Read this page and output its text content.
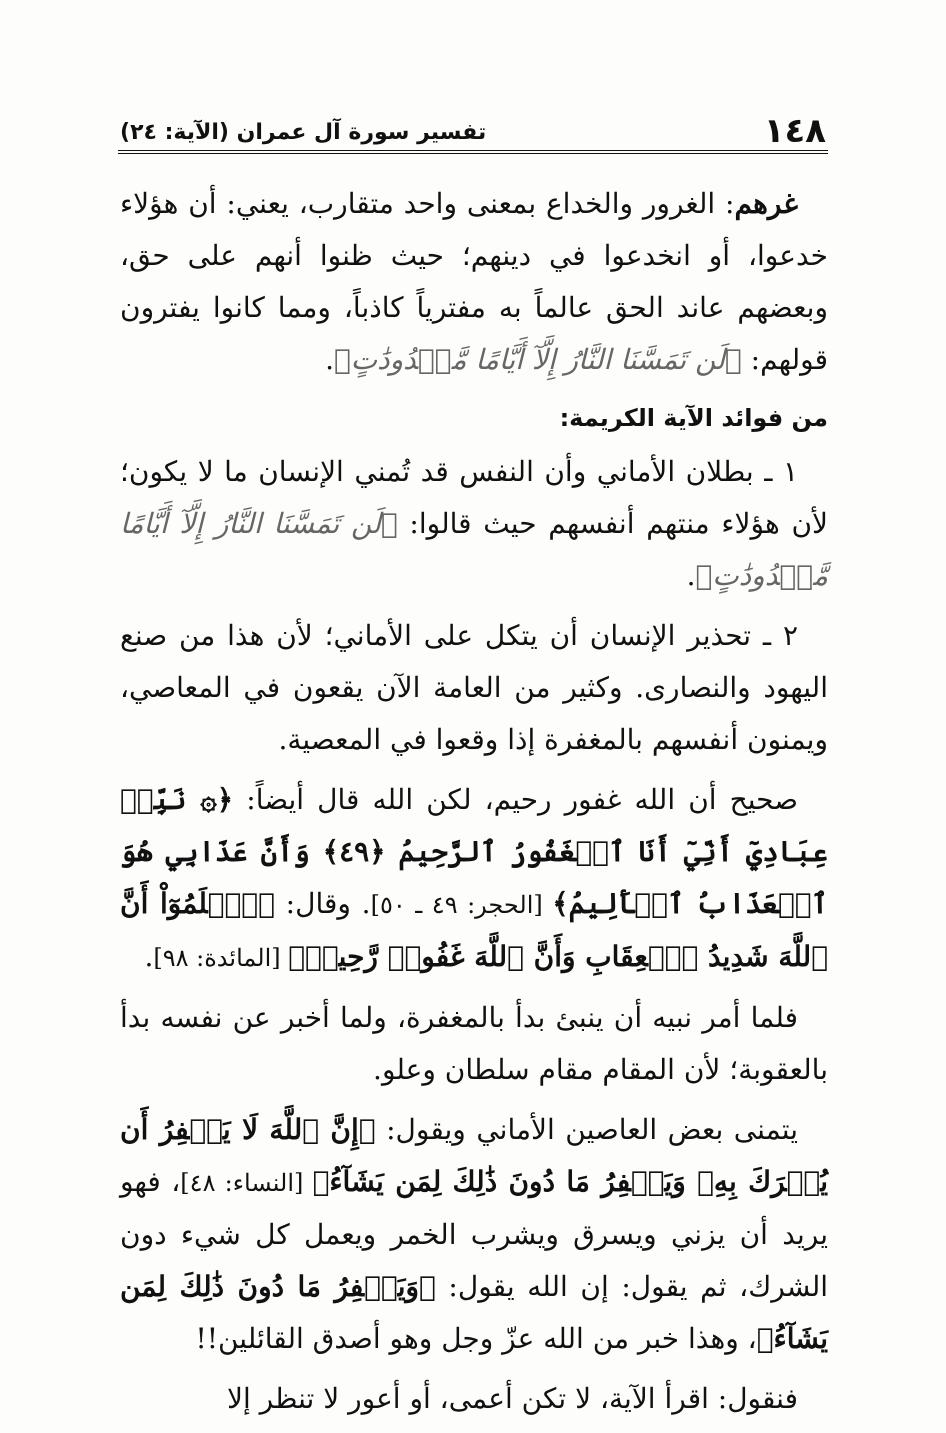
١٤٨
تفسير سورة آل عمران (الآية: ٢٤)

غرهم: الغرور والخداع بمعنى واحد متقارب، يعني: أن هؤلاء خدعوا، أو انخدعوا في دينهم؛ حيث ظنوا أنهم على حق، وبعضهم عاند الحق عالماً به مفترياً كاذباً، ومما كانوا يفترون قولهم: ﴿لَن تَمَسَّنَا النَّارُ إِلَّآ أَيَّامًا مَّعۡدُودَٰتٍ﴾.

من فوائد الآية الكريمة:

١ ـ بطلان الأماني وأن النفس قد تُمني الإنسان ما لا يكون؛ لأن هؤلاء منتهم أنفسهم حيث قالوا: ﴿لَن تَمَسَّنَا النَّارُ إِلَّآ أَيَّامًا مَّعۡدُودَٰتٍ﴾.

٢ ـ تحذير الإنسان أن يتكل على الأماني؛ لأن هذا من صنع اليهود والنصارى. وكثير من العامة الآن يقعون في المعاصي، ويمنون أنفسهم بالمغفرة إذا وقعوا في المعصية.

صحيح أن الله غفور رحيم، لكن الله قال أيضاً: ﴿۞ نَبِّئۡ عِبَادِيٓ أَنِّيٓ أَنَا ٱلۡغَفُورُ ٱلرَّحِيمُ ﴿٤٩﴾ وَأَنَّ عَذَابِي هُوَ ٱلۡعَذَابُ ٱلۡأَلِيمُ﴾ [الحجر: ٤٩ ـ ٥٠]. وقال: ﴿ٱعۡلَمُوٓاْ أَنَّ ٱللَّهَ شَدِيدُ ٱلۡعِقَابِ وَأَنَّ ٱللَّهَ غَفُورٞ رَّحِيمٞ﴾ [المائدة: ٩٨].

فلما أمر نبيه أن ينبئ بدأ بالمغفرة، ولما أخبر عن نفسه بدأ بالعقوبة؛ لأن المقام مقام سلطان وعلو.

يتمنى بعض العاصين الأماني ويقول: ﴿إِنَّ ٱللَّهَ لَا يَغۡفِرُ أَن يُشۡرَكَ بِهِۦ وَيَغۡفِرُ مَا دُونَ ذَٰلِكَ لِمَن يَشَآءُ﴾ [النساء: ٤٨]، فهو يريد أن يزني ويسرق ويشرب الخمر ويعمل كل شيء دون الشرك، ثم يقول: إن الله يقول: ﴿وَيَغۡفِرُ مَا دُونَ ذَٰلِكَ لِمَن يَشَآءُ﴾، وهذا خبر من الله عزّ وجل وهو أصدق القائلين!!

فنقول: اقرأ الآية، لا تكن أعمى، أو أعور لا تنظر إلا
